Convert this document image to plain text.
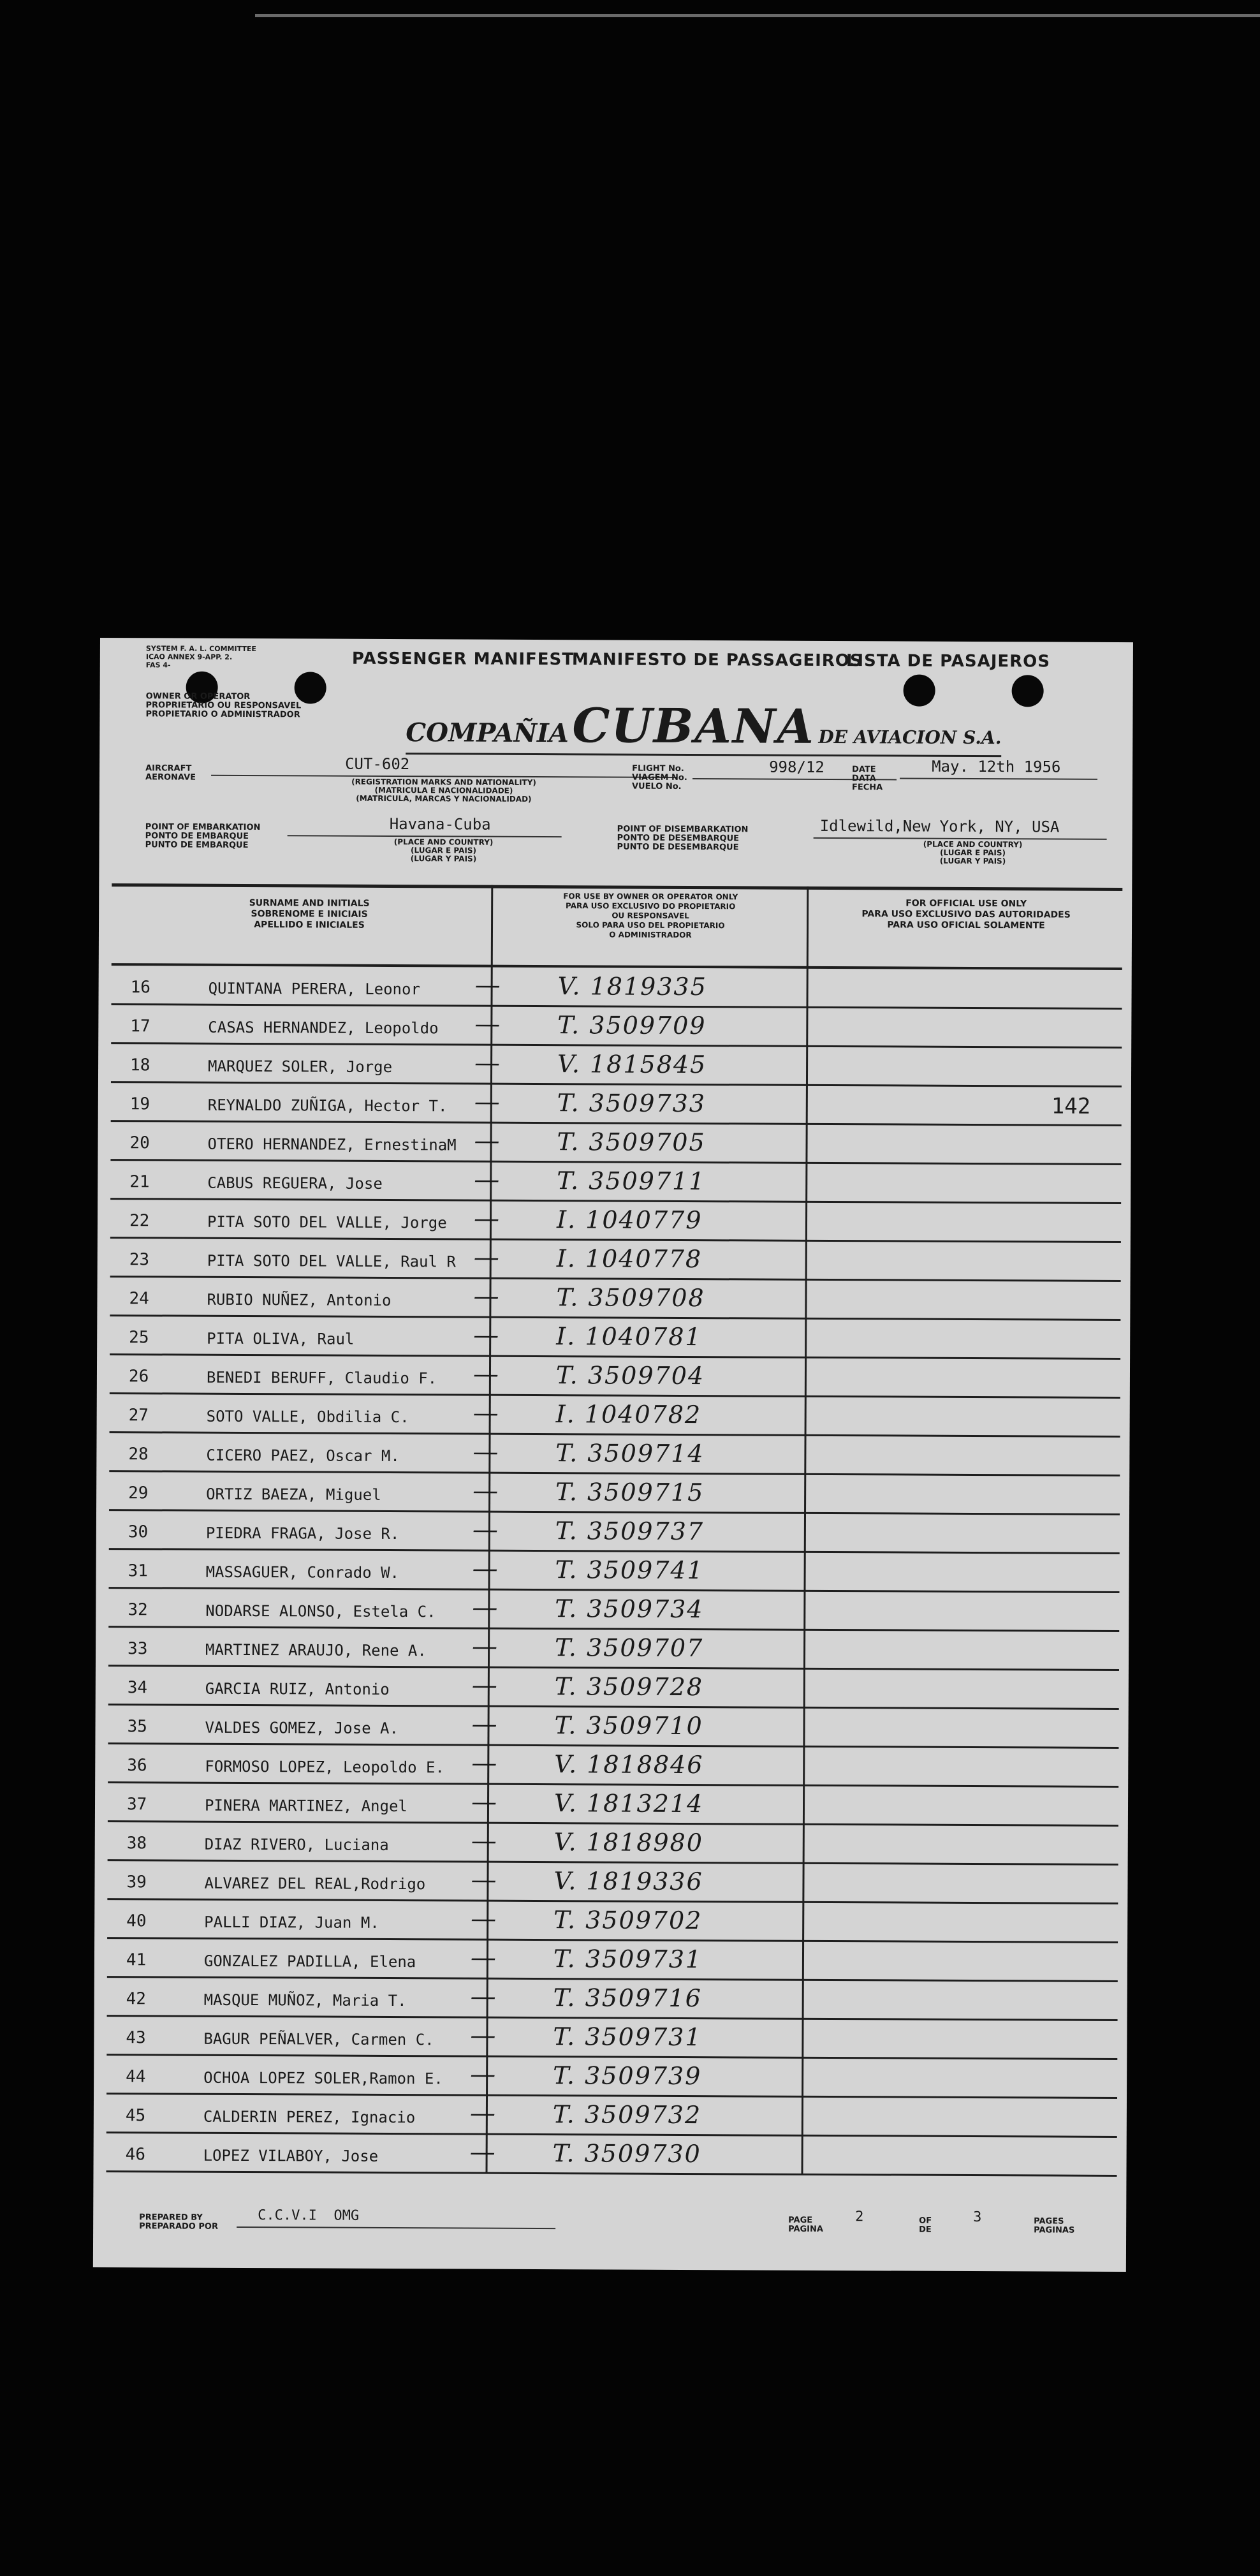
SYSTEM F. A. L. COMMITTEE
ICAO ANNEX 9-APP. 2.
FAS 4-	PASSENGER MANIFEST
MANIFESTO DE PASSAGEIROS
LISTA DE PASAJEROS
OWNER OR OPERATOR
PROPRIETARIO OU RESPONSAVEL
PROPIETARIO O ADMINISTRADOR
COMPAÑIA CUBANA DE AVIACION S.A.
AIRCRAFT
AERONAVE
CUT-602
(REGISTRATION MARKS AND NATIONALITY)
(MATRICULA E NACIONALIDADE)
(MATRICULA, MARCAS Y NACIONALIDAD)
FLIGHT No.
VIAGEM No.
VUELO No.
998/12	DATE
DATA
FECHA
May. 12th 1956
POINT OF EMBARKATION
PONTO DE EMBARQUE
PUNTO DE EMBARQUE
Havana-Cuba
(PLACE AND COUNTRY)
(LUGAR E PAIS)
(LUGAR Y PAIS)
POINT OF DISEMBARKATION
PONTO DE DESEMBARQUE
PUNTO DE DESEMBARQUE
Idlewild,New York, NY, USA
(PLACE AND COUNTRY)
(LUGAR E PAIS)
(LUGAR Y PAIS)
SURNAME AND INITIALS
SOBRENOME E INICIAIS
APELLIDO E INICIALES
FOR USE BY OWNER OR OPERATOR ONLY
PARA USO EXCLUSIVO DO PROPIETARIO
OU RESPONSAVEL
SOLO PARA USO DEL PROPIETARIO
O ADMINISTRADOR
FOR OFFICIAL USE ONLY
PARA USO EXCLUSIVO DAS AUTORIDADES
PARA USO OFICIAL SOLAMENTE
16	QUINTANA PERERA, Leonor — V. 1819335
17	CASAS HERNANDEZ, Leopoldo — T. 3509709
18	MARQUEZ SOLER, Jorge	— V. 1815845
19	REYNALDO ZUÑIGA, Hector T. — T. 3509733	142
20	OTERO HERNANDEZ, ErnestinaM — T. 3509705
21	CABUS REGUERA, Jose	— T. 3509711
22	PITA SOTO DEL VALLE, Jorge — I. 1040779
23	PITA SOTO DEL VALLE, Raul R — I. 1040778
24	RUBIO NUÑEZ, Antonio	— T. 3509708
25	PITA OLIVA, Raul	— I. 1040781
26	BENEDI BERUFF, Claudio F. — T. 3509704
27	SOTO VALLE, Obdilia C. — I. 1040782
28	CICERO PAEZ, Oscar M.	— T. 3509714
29	ORTIZ BAEZA, Miguel	— T. 3509715
30	PIEDRA FRAGA, Jose R.	— T. 3509737
31	MASSAGUER, Conrado W.	— T. 3509741
32	NODARSE ALONSO, Estela C. — T. 3509734
33	MARTINEZ ARAUJO, Rene A. — T. 3509707
34	GARCIA RUIZ, Antonio	— T. 3509728
35	VALDES GOMEZ, Jose A.	— T. 3509710
36	FORMOSO LOPEZ, Leopoldo E. — V. 1818846
37	PINERA MARTINEZ, Angel — V. 1813214
38	DIAZ RIVERO, Luciana	— V. 1818980
39	ALVAREZ DEL REAL,Rodrigo — V. 1819336
40	PALLI DIAZ, Juan M.	— T. 3509702
41	GONZALEZ PADILLA, Elena — T. 3509731
42	MASQUE MUÑOZ, Maria T. — T. 3509716
43	BAGUR PEÑALVER, Carmen C. — T. 3509731
44	OCHOA LOPEZ SOLER,Ramon E. — T. 3509739
45	CALDERIN PEREZ, Ignacio — T. 3509732
46	LOPEZ VILABOY, Jose	— T. 3509730
PREPARED BY
PREPARADO POR
C.C.V.I  OMG	PAGE
PAGINA
2	OF
DE
3	PAGES
PAGINAS
